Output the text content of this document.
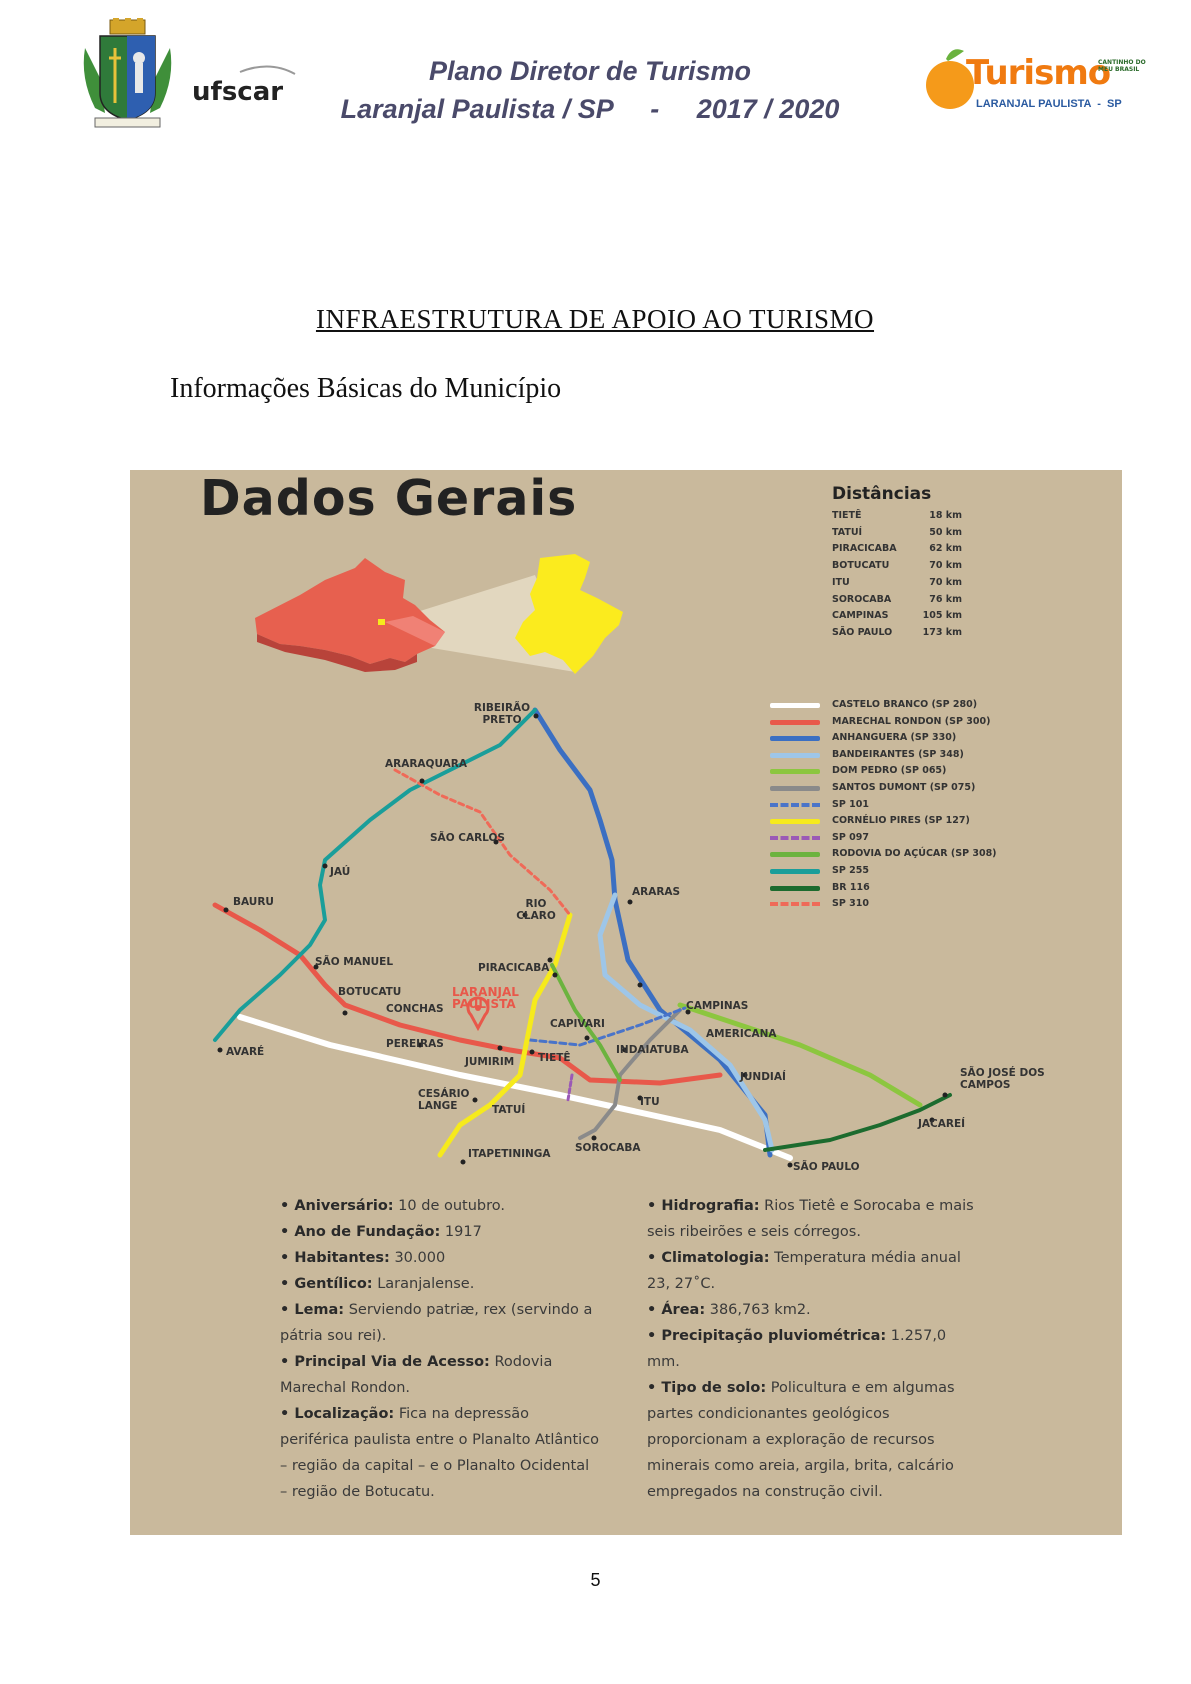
ufscar
Plano Diretor de Turismo
Laranjal Paulista / SP     -     2017 / 2020
Turismo
CANTINHO DO MEU BRASIL
LARANJAL PAULISTA  -  SP
INFRAESTRUTURA DE APOIO AO TURISMO
Informações Básicas do Município
Dados Gerais	Distâncias
TIETÊ	18 km
TATUÍ	50 km
PIRACICABA	62 km
BOTUCATU	70 km
ITU	70 km
SOROCABA	76 km
CAMPINAS	105 km
SÃO PAULO	173 km
CASTELO BRANCO (SP 280)
MARECHAL RONDON (SP 300)
ANHANGUERA (SP 330)
BANDEIRANTES (SP 348)
DOM PEDRO (SP 065)
SANTOS DUMONT (SP 075)
SP 101
CORNÉLIO PIRES (SP 127)
SP 097
RODOVIA DO AÇÚCAR (SP 308)
SP 255
BR 116
SP 310
RIBEIRÃO PRETO
ARARAQUARA
SÃO CARLOS
JAÚ
BAURU	RIO CLARO
ARARAS
SÃO MANUEL	PIRACICABA
BOTUCATU	LARANJAL PAULISTA
CONCHAS
CAPIVARI
CAMPINAS
AMERICANA
AVARÉ
PEREIRAS
TIETÊ
INDAIATUBA
JUMIRIM
JUNDIAÍ	SÃO JOSÉ DOS CAMPOS
CESÁRIO LANGE	TATUÍ
ITU
JACAREÍ
SOROCABA
ITAPETININGA
SÃO PAULO

• Aniversário: 10 de outubro.

• Ano de Fundação: 1917

• Habitantes: 30.000

• Gentílico: Laranjalense.

• Lema: Serviendo patriæ, rex (servindo a pátria sou rei).

• Principal Via de Acesso: Rodovia Marechal Rondon.

• Localização: Fica na depressão periférica paulista entre o Planalto Atlântico – região da capital – e o Planalto Ocidental – região de Botucatu.

• Hidrografia: Rios Tietê e Sorocaba e mais seis ribeirões e seis córregos.

• Climatologia: Temperatura média anual 23, 27˚C.

• Área: 386,763 km2.

• Precipitação pluviométrica: 1.257,0 mm.

• Tipo de solo: Policultura e em algumas partes condicionantes geológicos proporcionam a exploração de recursos minerais como areia, argila, brita, calcário empregados na construção civil.

5
